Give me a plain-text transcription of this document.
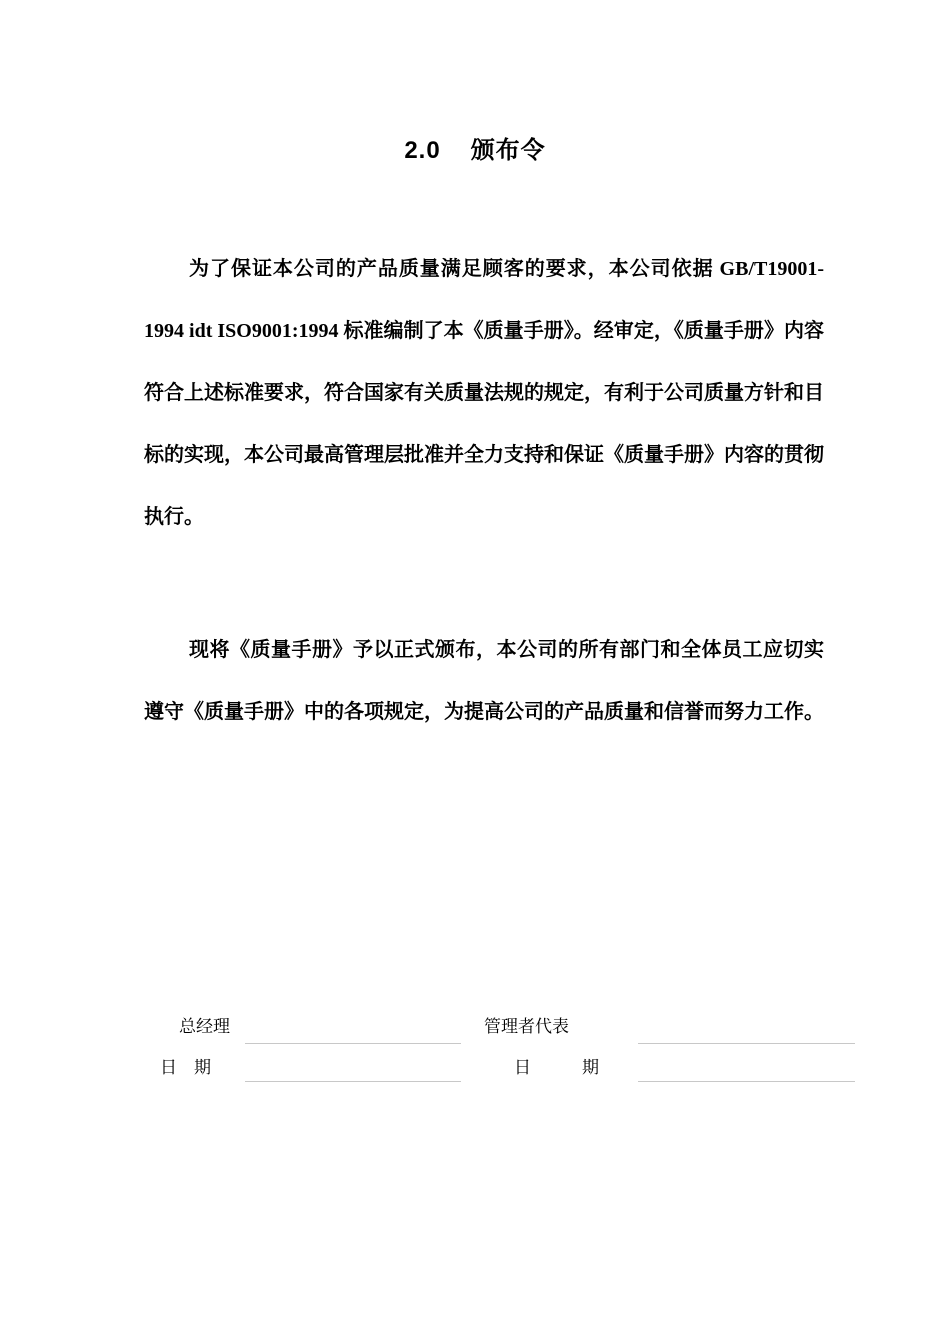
2.0 颁布令

为了保证本公司的产品质量满足顾客的要求，本公司依据 GB/T19001-1994 idt ISO9001:1994 标准编制了本《质量手册》。经审定，《质量手册》内容符合上述标准要求，符合国家有关质量法规的规定，有利于公司质量方针和目标的实现，本公司最高管理层批准并全力支持和保证《质量手册》内容的贯彻执行。

现将《质量手册》予以正式颁布，本公司的所有部门和全体员工应切实遵守《质量手册》中的各项规定，为提高公司的产品质量和信誉而努力工作。

总经理
日　期
管理者代表
日　　　期
